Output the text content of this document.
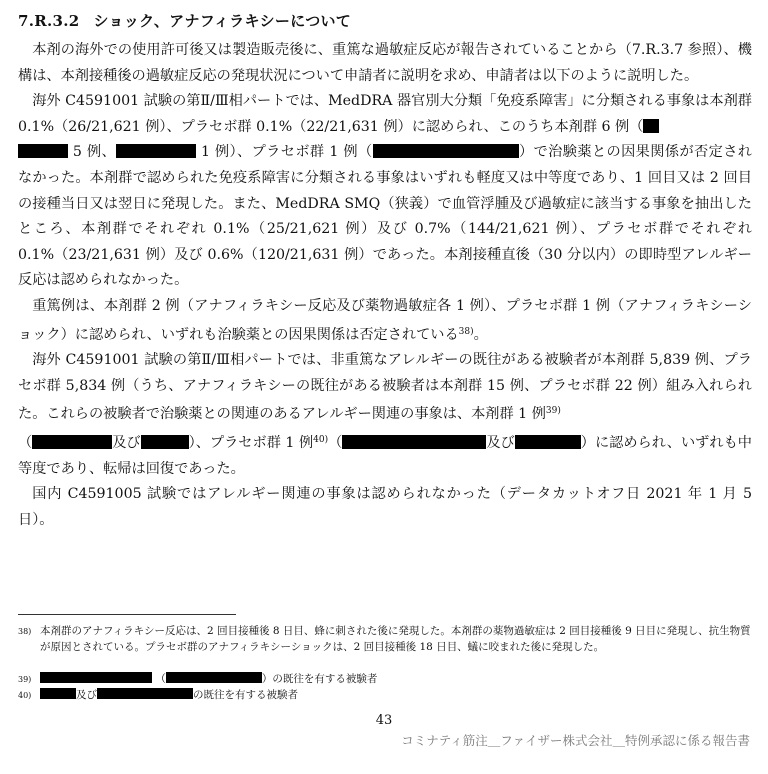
7.R.3.2 ショック、アナフィラキシーについて

本剤の海外での使用許可後又は製造販売後に、重篤な過敏症反応が報告されていることから（7.R.3.7 参照）、機構は、本剤接種後の過敏症反応の発現状況について申請者に説明を求め、申請者は以下のように説明した。

海外 C4591001 試験の第Ⅱ/Ⅲ相パートでは、MedDRA 器官別大分類「免疫系障害」に分類される事象は本剤群 0.1%（26/21,621 例）、プラセボ群 0.1%（22/21,631 例）に認められ、このうち本剤群 6 例（
5 例、	1 例）、プラセボ群 1 例（	）で治験薬との因果関係が否定されなかった。本剤群で認められた免疫系障害に分類される事象はいずれも軽度又は中等度であり、1 回目又は 2 回目の接種当日又は翌日に発現した。また、MedDRA SMQ（狭義）で血管浮腫及び過敏症に該当する事象を抽出したところ、本剤群でそれぞれ 0.1%（25/21,621 例）及び 0.7%（144/21,621 例）、プラセボ群でそれぞれ 0.1%（23/21,631 例）及び 0.6%（120/21,631 例）であった。本剤接種直後（30 分以内）の即時型アレルギー反応は認められなかった。

重篤例は、本剤群 2 例（アナフィラキシー反応及び薬物過敏症各 1 例）、プラセボ群 1 例（アナフィラキシーショック）に認められ、いずれも治験薬との因果関係は否定されている$^{38)}$。

海外 C4591001 試験の第Ⅱ/Ⅲ相パートでは、非重篤なアレルギーの既往がある被験者が本剤群 5,839 例、プラセボ群 5,834 例（うち、アナフィラキシーの既往がある被験者は本剤群 15 例、プラセボ群 22 例）組み入れられた。これらの被験者で治験薬との関連のあるアレルギー関連の事象は、本剤群 1 例$^{39)}$
（	及び	）、プラセボ群 1 例$^{40)}$（	及び	）に認められ、いずれも中等度であり、転帰は回復であった。

国内 C4591005 試験ではアレルギー関連の事象は認められなかった（データカットオフ日 2021 年 1 月 5 日）。

38) 本剤群のアナフィラキシー反応は、2 回目接種後 8 日目、蜂に刺された後に発現した。本剤群の薬物過敏症は 2 回目接種後 9 日目に発現し、抗生物質が原因とされている。プラセボ群のアナフィラキシーショックは、2 回目接種後 18 日目、蟻に咬まれた後に発現した。
39)	（	）の既往を有する被験者
40)	及び	の既往を有する被験者
43
コミナティ筋注＿ファイザー株式会社＿特例承認に係る報告書
